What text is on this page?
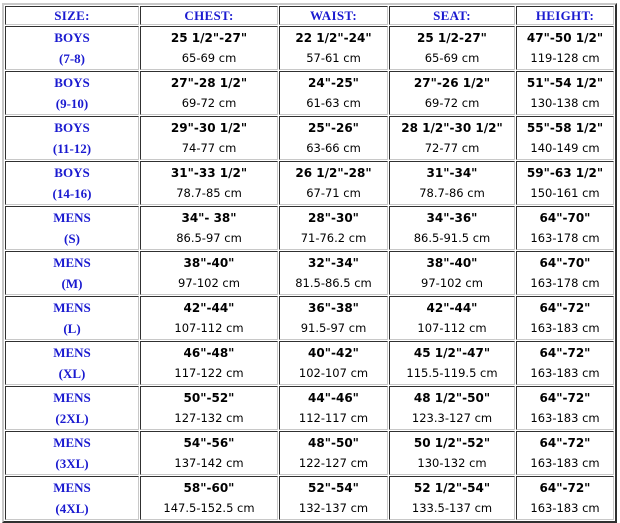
SIZE:	CHEST:	WAIST:	SEAT:	HEIGHT:

BOYS
(7-8)	25 1/2"-27"
65-69 cm	22 1/2"-24"
57-61 cm	25 1/2-27"
65-69 cm	47"-50 1/2"
119-128 cm

BOYS
(9-10)	27"-28 1/2"
69-72 cm	24"-25"
61-63 cm	27"-26 1/2"
69-72 cm	51"-54 1/2"
130-138 cm

BOYS
(11-12)	29"-30 1/2"
74-77 cm	25"-26"
63-66 cm	28 1/2"-30 1/2"
72-77 cm	55"-58 1/2"
140-149 cm

BOYS
(14-16)	31"-33 1/2"
78.7-85 cm	26 1/2"-28"
67-71 cm	31"-34"
78.7-86 cm	59"-63 1/2"
150-161 cm

MENS
(S)	34"- 38"
86.5-97 cm	28"-30"
71-76.2 cm	34"-36"
86.5-91.5 cm	64"-70"
163-178 cm

MENS
(M)	38"-40"
97-102 cm	32"-34"
81.5-86.5 cm	38"-40"
97-102 cm	64"-70"
163-178 cm

MENS
(L)	42"-44"
107-112 cm	36"-38"
91.5-97 cm	42"-44"
107-112 cm	64"-72"
163-183 cm

MENS
(XL)	46"-48"
117-122 cm	40"-42"
102-107 cm	45 1/2"-47"
115.5-119.5 cm	64"-72"
163-183 cm

MENS
(2XL)	50"-52"
127-132 cm	44"-46"
112-117 cm	48 1/2"-50"
123.3-127 cm	64"-72"
163-183 cm

MENS
(3XL)	54"-56"
137-142 cm	48"-50"
122-127 cm	50 1/2"-52"
130-132 cm	64"-72"
163-183 cm

MENS
(4XL)	58"-60"
147.5-152.5 cm	52"-54"
132-137 cm	52 1/2"-54"
133.5-137 cm	64"-72"
163-183 cm
